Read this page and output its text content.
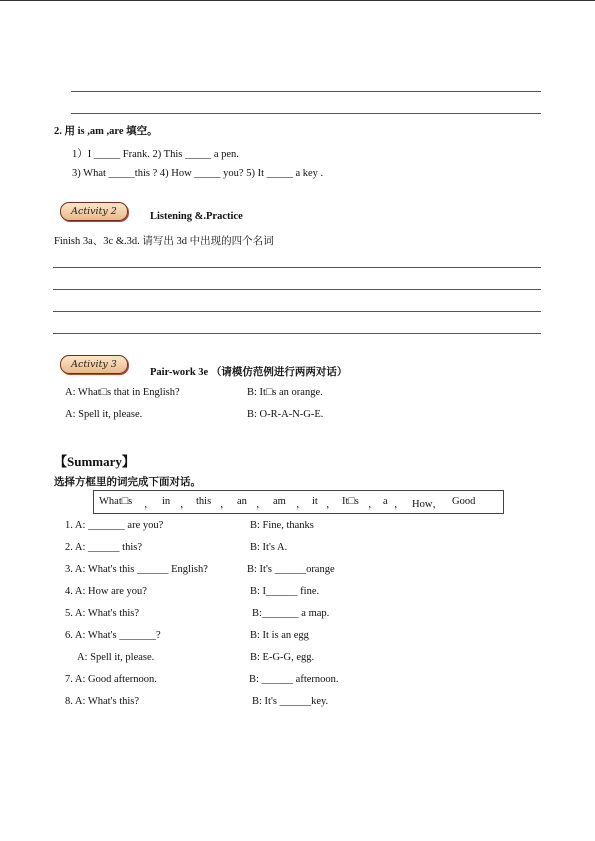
2. 用 is ,am ,are 填空。
1）I _____ Frank. 2) This _____ a pen.
3) What _____this ? 4) How _____ you? 5) It _____ a key .
Activity 2	Listening &.Practice
Finish 3a、3c &.3d. 请写出 3d 中出现的四个名词
Activity 3
Pair-work 3e （请模仿范例进行两两对话）
A: What□s that in English?	B: It□s an orange.
A: Spell it, please.	B: O-R-A-N-G-E.
【Summary】
选择方框里的词完成下面对话。
What□s ， in ， this ， an ， am ， it ， It□s ， a ， How， Good
1. A: _______ are you?	B: Fine, thanks
2. A: ______ this?	B: It's A.
3. A: What's this ______ English?	B: It's ______orange
4. A: How are you?	B: I______ fine.
5. A: What's this?	B:_______ a map.
6. A: What's _______?	B: It is an egg
A: Spell it, please.	B: E-G-G, egg.
7. A: Good afternoon.	B: ______ afternoon.
8. A: What's this?	B: It's ______key.
